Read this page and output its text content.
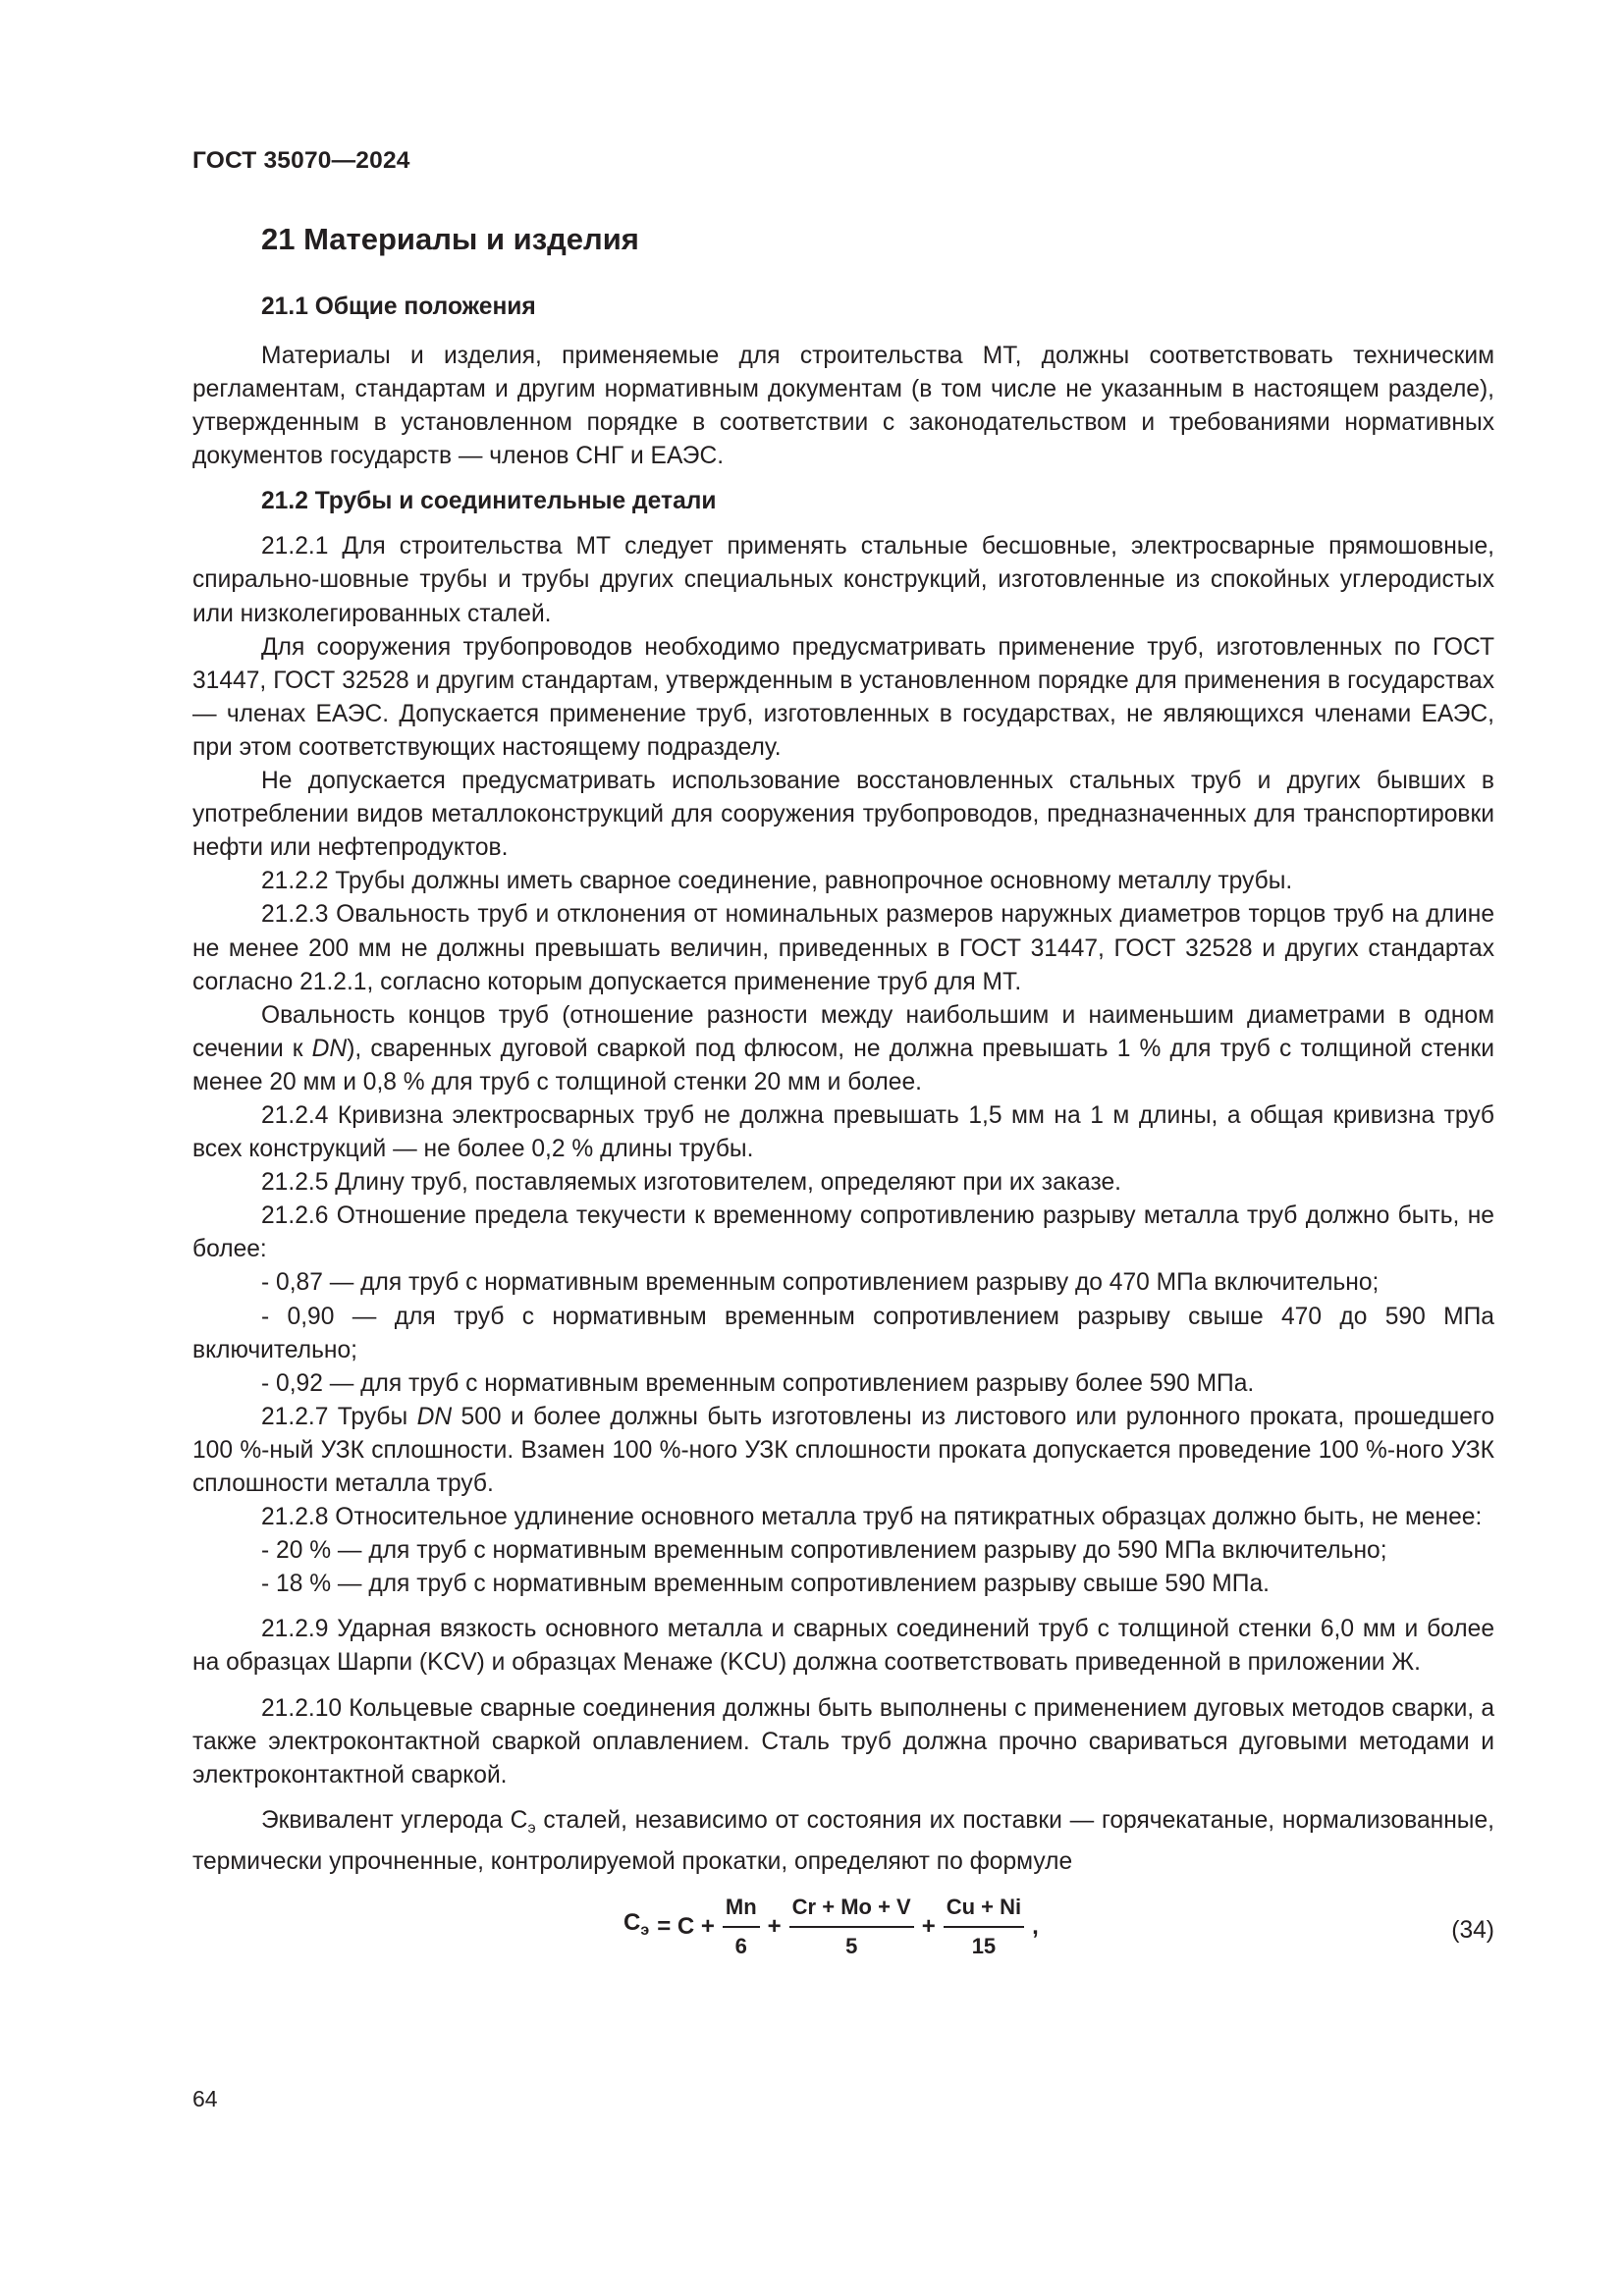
ГОСТ 35070—2024
21 Материалы и изделия
21.1 Общие положения

Материалы и изделия, применяемые для строительства МТ, должны соответствовать техническим регламентам, стандартам и другим нормативным документам (в том числе не указанным в настоящем разделе), утвержденным в установленном порядке в соответствии с законодательством и требованиями нормативных документов государств — членов СНГ и ЕАЭС.

21.2 Трубы и соединительные детали

21.2.1 Для строительства МТ следует применять стальные бесшовные, электросварные прямошовные, спирально-шовные трубы и трубы других специальных конструкций, изготовленные из спокойных углеродистых или низколегированных сталей.

Для сооружения трубопроводов необходимо предусматривать применение труб, изготовленных по ГОСТ 31447, ГОСТ 32528 и другим стандартам, утвержденным в установленном порядке для применения в государствах — членах ЕАЭС. Допускается применение труб, изготовленных в государствах, не являющихся членами ЕАЭС, при этом соответствующих настоящему подразделу.

Не допускается предусматривать использование восстановленных стальных труб и других бывших в употреблении видов металлоконструкций для сооружения трубопроводов, предназначенных для транспортировки нефти или нефтепродуктов.

21.2.2 Трубы должны иметь сварное соединение, равнопрочное основному металлу трубы.

21.2.3 Овальность труб и отклонения от номинальных размеров наружных диаметров торцов труб на длине не менее 200 мм не должны превышать величин, приведенных в ГОСТ 31447, ГОСТ 32528 и других стандартах согласно 21.2.1, согласно которым допускается применение труб для МТ.

Овальность концов труб (отношение разности между наибольшим и наименьшим диаметрами в одном сечении к DN), сваренных дуговой сваркой под флюсом, не должна превышать 1 % для труб с толщиной стенки менее 20 мм и 0,8 % для труб с толщиной стенки 20 мм и более.

21.2.4 Кривизна электросварных труб не должна превышать 1,5 мм на 1 м длины, а общая кривизна труб всех конструкций — не более 0,2 % длины трубы.

21.2.5 Длину труб, поставляемых изготовителем, определяют при их заказе.

21.2.6 Отношение предела текучести к временному сопротивлению разрыву металла труб должно быть, не более:

- 0,87 — для труб с нормативным временным сопротивлением разрыву до 470 МПа включительно;

- 0,90 — для труб с нормативным временным сопротивлением разрыву свыше 470 до 590 МПа включительно;

- 0,92 — для труб с нормативным временным сопротивлением разрыву более 590 МПа.

21.2.7 Трубы DN 500 и более должны быть изготовлены из листового или рулонного проката, прошедшего 100 %-ный УЗК сплошности. Взамен 100 %-ного УЗК сплошности проката допускается проведение 100 %-ного УЗК сплошности металла труб.

21.2.8 Относительное удлинение основного металла труб на пятикратных образцах должно быть, не менее:

- 20 % — для труб с нормативным временным сопротивлением разрыву до 590 МПа включительно;

- 18 % — для труб с нормативным временным сопротивлением разрыву свыше 590 МПа.

21.2.9 Ударная вязкость основного металла и сварных соединений труб с толщиной стенки 6,0 мм и более на образцах Шарпи (KCV) и образцах Менаже (KCU) должна соответствовать приведенной в приложении Ж.

21.2.10 Кольцевые сварные соединения должны быть выполнены с применением дуговых методов сварки, а также электроконтактной сваркой оплавлением. Сталь труб должна прочно свариваться дуговыми методами и электроконтактной сваркой.

Эквивалент углерода $С_э$ сталей, независимо от состояния их поставки — горячекатаные, нормализованные, термически упрочненные, контролируемой прокатки, определяют по формуле

$C_э = C + \frac{Mn}{6} + \frac{Cr + Mo + V}{5} + \frac{Cu + Ni}{15}$ ,	(34)
64
